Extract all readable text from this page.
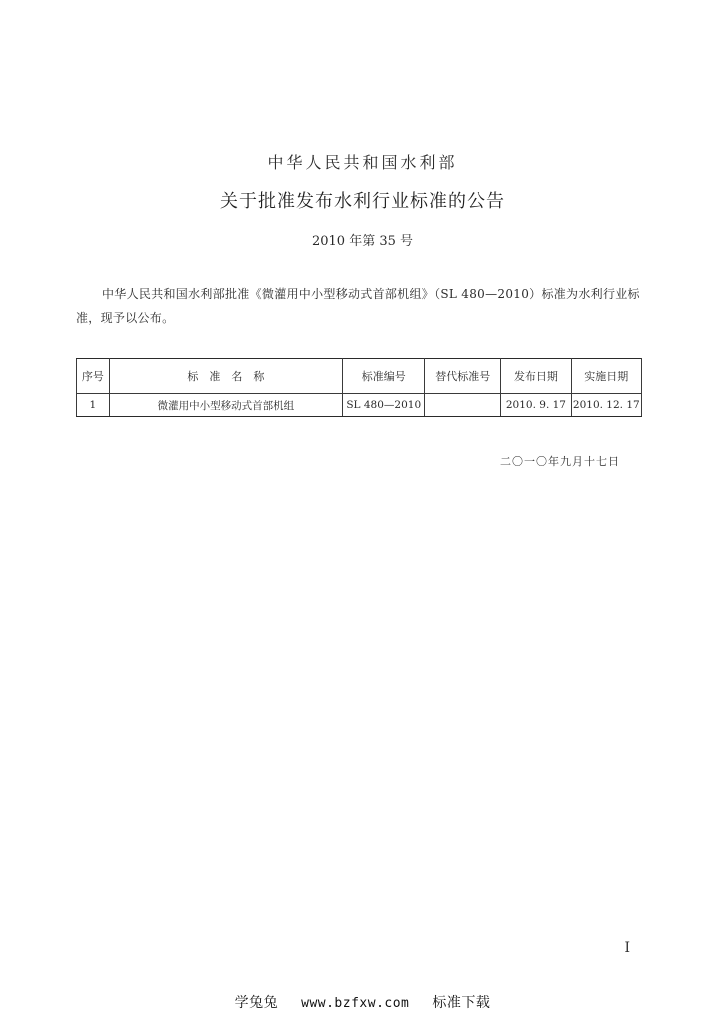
中华人民共和国水利部
关于批准发布水利行业标准的公告
2010 年第 35 号
中华人民共和国水利部批准《微灌用中小型移动式首部机组》（SL 480—2010）标准为水利行业标准，现予以公布。
序号	标　准　名　称	标准编号	替代标准号	发布日期	实施日期
1	微灌用中小型移动式首部机组	SL 480—2010		2010. 9. 17	2010. 12. 17
二〇一〇年九月十七日
I
学兔兔 www.bzfxw.com 标准下载
